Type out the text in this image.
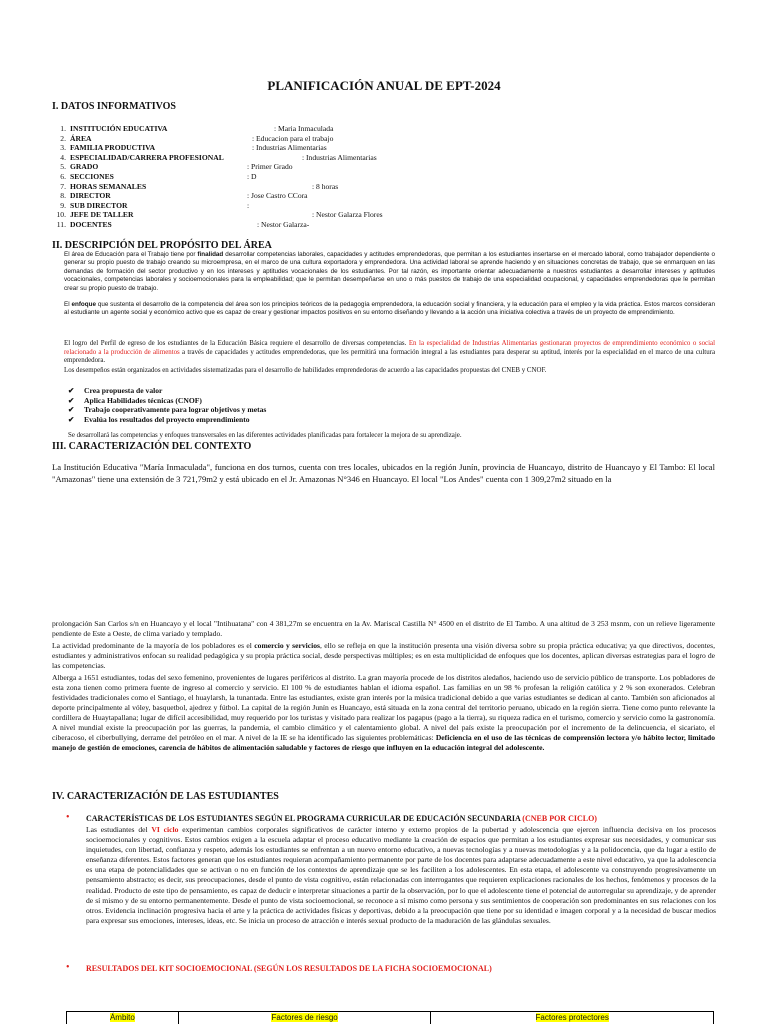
PLANIFICACIÓN ANUAL DE EPT-2024
I. DATOS INFORMATIVOS
1. INSTITUCIÓN EDUCATIVA	: Maria Inmaculada
2. ÁREA	: Educacion para el trabajo
3. FAMILIA PRODUCTIVA	: Industrias Alimentarias
4. ESPECIALIDAD/CARRERA PROFESIONAL	: Industrias Alimentarias
5. GRADO	: Primer Grado
6. SECCIONES	: D
7. HORAS SEMANALES	: 8 horas
8. DIRECTOR	: Jose Castro CCora
9. SUB DIRECTOR	:
10. JEFE DE TALLER	: Nestor Galarza Flores
11. DOCENTES	: Nestor Galarza-
II. DESCRIPCIÓN DEL PROPÓSITO DEL ÁREA
El área de Educación para el Trabajo tiene por finalidad desarrollar competencias laborales, capacidades y actitudes emprendedoras, que permitan a los estudiantes insertarse en el mercado laboral, como trabajador dependiente o generar su propio puesto de trabajo creando su microempresa, en el marco de una cultura exportadora y emprendedora. Una actividad laboral se aprende haciendo y en situaciones concretas de trabajo, que se enmarquen en las demandas de formación del sector productivo y en los intereses y aptitudes vocacionales de los estudiantes. Por tal razón, es importante orientar adecuadamente a nuestros estudiantes a desarrollar intereses y aptitudes vocacionales, competencias laborales y socioemocionales para la empleabilidad; que le permitan desempeñarse en uno o más puestos de trabajo de una especialidad ocupacional, y capacidades emprendedoras que le permitan crear su propio puesto de trabajo.
El enfoque que sustenta el desarrollo de la competencia del área son los principios teóricos de la pedagogía emprendedora, la educación social y financiera, y la educación para el empleo y la vida práctica. Estos marcos consideran al estudiante un agente social y económico activo que es capaz de crear y gestionar impactos positivos en su entorno diseñando y llevando a la acción una iniciativa colectiva a través de un proyecto de emprendimiento.
El logro del Perfil de egreso de los estudiantes de la Educación Básica requiere el desarrollo de diversas competencias. En la especialidad de Industrias Alimentarias gestionaran proyectos de emprendimiento económico o social relacionado a la producción de alimentos a través de capacidades y actitudes emprendedoras, que les permitirá una formación integral a las estudiantes para desperar su aptitud, interés por la especialidad en el marco de una cultura emprendedora.
Los desempeños están organizados en actividades sistematizadas para el desarrollo de habilidades emprendedoras de acuerdo a las capacidades propuestas del CNEB y CNOF.
✔ Crea propuesta de valor
✔ Aplica Habilidades técnicas (CNOF)
✔ Trabajo cooperativamente para lograr objetivos y metas
✔ Evalúa los resultados del proyecto emprendimiento
Se desarrollará las competencias y enfoques transversales en las diferentes actividades planificadas para fortalecer la mejora de su aprendizaje.
III. CARACTERIZACIÓN DEL CONTEXTO
La Institución Educativa "María Inmaculada", funciona en dos turnos, cuenta con tres locales, ubicados en la región Junín, provincia de Huancayo, distrito de Huancayo y El Tambo: El local "Amazonas" tiene una extensión de 3 721,79m2 y está ubicado en el Jr. Amazonas N°346 en Huancayo. El local "Los Andes" cuenta con 1 309,27m2 situado en la
prolongación San Carlos s/n en Huancayo y el local "Intihuatana" con 4 381,27m se encuentra en la Av. Mariscal Castilla N° 4500 en el distrito de El Tambo. A una altitud de 3 253 msnm, con un relieve ligeramente pendiente de Este a Oeste, de clima variado y templado.
La actividad predominante de la mayoría de los pobladores es el comercio y servicios, ello se refleja en que la institución presenta una visión diversa sobre su propia práctica educativa; ya que directivos, docentes, estudiantes y administrativos enfocan su realidad pedagógica y su propia práctica social, desde perspectivas múltiples; es en esta multiplicidad de enfoques que los docentes, aplican diversas estrategias para el logro de las competencias.
Alberga a 1651 estudiantes, todas del sexo femenino, provenientes de lugares periféricos al distrito. La gran mayoría procede de los distritos aledaños, haciendo uso de servicio público de transporte. Los pobladores de esta zona tienen como primera fuente de ingreso al comercio y servicio. El 100 % de estudiantes hablan el idioma español. Las familias en un 98 % profesan la religión católica y 2 % son exonerados. Celebran festividades tradicionales como el Santiago, el huaylarsh, la tunantada. Entre las estudiantes, existe gran interés por la música tradicional debido a que varias estudiantes se dedican al canto. También son aficionados al deporte principalmente al vóley, basquetbol, ajedrez y fútbol. La capital de la región Junín es Huancayo, está situada en la zona central del territorio peruano, ubicado en la región sierra. Tiene como punto relevante la cordillera de Huaytapallana; lugar de difícil accesibilidad, muy requerido por los turistas y visitado para realizar los pagapus (pago a la tierra), su riqueza radica en el turismo, comercio y servicio como la gastronomía. A nivel mundial existe la preocupación por las guerras, la pandemia, el cambio climático y el calentamiento global. A nivel del país existe la preocupación por el incremento de la delincuencia, el sicariato, el ciberacoso, el ciberbullying, derrame del petróleo en el mar. A nivel de la IE se ha identificado las siguientes problemáticas: Deficiencia en el uso de las técnicas de comprensión lectora y/o hábito lector, limitado manejo de gestión de emociones, carencia de hábitos de alimentación saludable y factores de riesgo que influyen en la educación integral del adolescente.
IV. CARACTERIZACIÓN DE LAS ESTUDIANTES
• CARACTERÍSTICAS DE LOS ESTUDIANTES SEGÚN EL PROGRAMA CURRICULAR DE EDUCACIÓN SECUNDARIA (CNEB POR CICLO)
Las estudiantes del VI ciclo experimentan cambios corporales significativos de carácter interno y externo propios de la pubertad y adolescencia que ejercen influencia decisiva en los procesos socioemocionales y cognitivos. Estos cambios exigen a la escuela adaptar el proceso educativo mediante la creación de espacios que permitan a los estudiantes expresar sus necesidades, y comunicar sus inquietudes, con libertad, confianza y respeto, además los estudiantes se enfrentan a un nuevo entorno educativo, a nuevas tecnologías y a nuevas metodologías y a la polidocencia, que da lugar a estilo de enseñanza diferentes. Estos factores generan que los estudiantes requieran acompañamiento permanente por parte de los docentes para adaptarse adecuadamente a este nivel educativo, ya que la adolescencia es una etapa de potencialidades que se activan o no en función de los contextos de aprendizaje que se les faciliten a los adolescentes. En esta etapa, el adolescente va construyendo progresivamente un pensamiento abstracto; es decir, sus preocupaciones, desde el punto de vista cognitivo, están relacionadas con interrogantes que requieren explicaciones racionales de los hechos, fenómenos y procesos de la realidad. Producto de este tipo de pensamiento, es capaz de deducir e interpretar situaciones a partir de la observación, por lo que el adolescente tiene el potencial de autorregular su aprendizaje, y de aprender de sí mismo y de su entorno permanentemente. Desde el punto de vista socioemocional, se reconoce a sí mismo como persona y sus sentimientos de cooperación son predominantes en sus relaciones con los otros. Evidencia inclinación progresiva hacia el arte y la práctica de actividades físicas y deportivas, debido a la preocupación que tiene por su identidad e imagen corporal y a la necesidad de buscar medios para expresar sus emociones, intereses, ideas, etc. Se inicia un proceso de atracción e interés sexual producto de la maduración de las glándulas sexuales.
• RESULTADOS DEL KIT SOCIOEMOCIONAL (SEGÚN LOS RESULTADOS DE LA FICHA SOCIOEMOCIONAL)
Ámbito	Factores de riesgo	Factores protectores
